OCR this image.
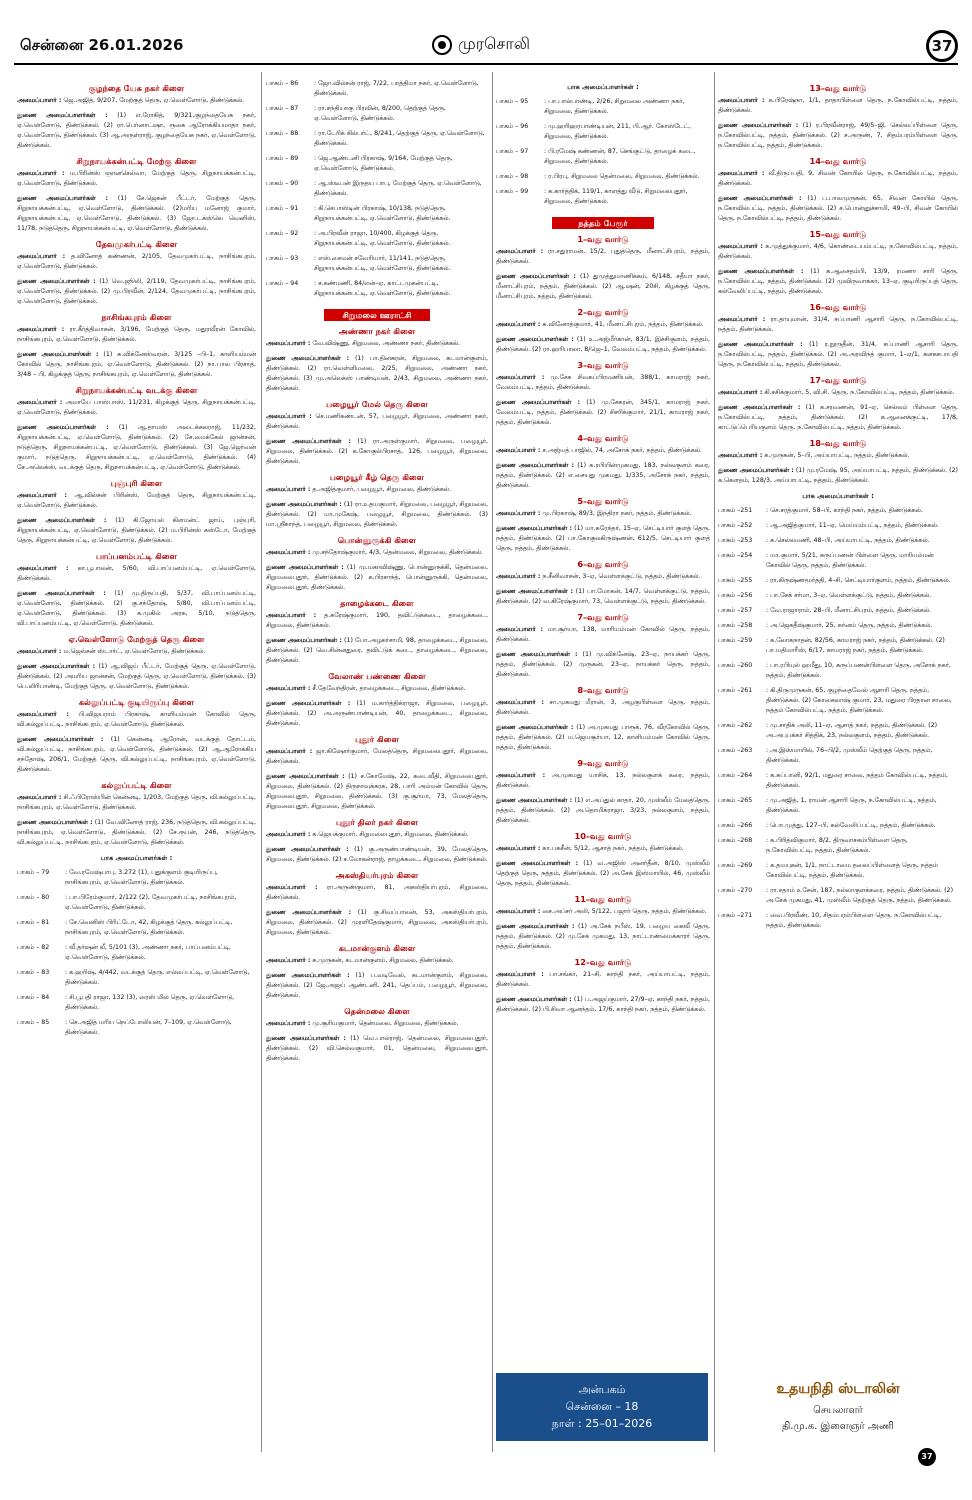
சென்னை 26.01.2026	முரசொலி	37
குழந்தை யேசு நகர் கிளை
அமைப்பாளர் : ஜெ.அஜித், 9/207, மேற்குத் தெரு, ஏ.வெள்ளோடு, திண்டுக்கல்.
துணை அமைப்பாளர்கள் : (1) எ.ரோகித், 9/321,குழந்தையேசு நகர், ஏ.வெள்ளோடு, திண்டுக்கல். (2) ரா.பெர்னாட்ஷா, ரூகை ஆரோக்கியமாதா நகர், ஏ.வெள்ளோடு, திண்டுக்கல். (3) ஆ.அருள்ராஜ், குழந்தையேசு நகர், ஏ.வெள்ளோடு, திண்டுக்கல்.
சிறுநாயக்கன்பட்டி மேற்கு கிளை
அமைப்பாளர் : ம.பிரின்ஸ் ஞானசெல்வா, மேற்குத் தெரு, சிறுநாயக்கன்பட்டி, ஏ.வெள்ளோடு, திண்டுக்கல்.
துணை அமைப்பாளர்கள் : (1) சே.ஜெகன் பீட்டர், மேற்குத் தெரு, சிறுநாயக்கன்பட்டி, ஏ.வெள்ளோடு, திண்டுக்கல். (2)மரிய மனோஜ் குமார், சிறுநாயக்கன்பட்டி, ஏ.வெள்ளோடு, திண்டுக்கல். (3) ஜோ.டக்ஸ்லெ வெனிஸ், 11/78, நடுத்தெரு, சிறுநாயக்கன்பட்டி, ஏ.வெள்ளோடு, திண்டுக்கல்.
தேவமுகர்பட்டி கிளை
அமைப்பாளர் : த.வினோத் கண்ணன், 2/105, தேவமுகர்பட்டி, நாசிங்கபுரம், ஏ.வெள்ளோடு, திண்டுக்கல்.
துணை அமைப்பாளர்கள் : (1) வெ.ஜூலி, 2/119, தேவமுகர்பட்டி, நாசிங்கபுரம், ஏ.வெள்ளோடு, திண்டுக்கல். (2) மு.பிரவீன், 2/124, தேவமுகர்பட்டி, நாசிங்கபுரம், ஏ.வெள்ளோடு, திண்டுக்கல்.
நாசிங்கபுரம் கிளை
அமைப்பாளர் : ரா.கீர்த்திவாசன், 3/196, மேற்குத் தெரு, மதுரவீரன் கோவில், நாசிங்கபுரம், ஏ.வெள்ளோடு, திண்டுக்கல்.
துணை அமைப்பாளர்கள் : (1) சு.விக்னேஸ்வரன், 3/125 –பி–1, காளியம்மன் கோவில் தெரு, நாசிங்கபுரம், ஏ.வெள்ளோடு, திண்டுக்கல். (2) நா.பால பிரசாத், 3/48 – பி, கிழக்குத் தெரு, நாசிங்கபுரம், ஏ.வெள்ளோடு, திண்டுக்கல்.
சிறுநாயக்கன்பட்டி வடக்கு கிளை
அமைப்பாளர் : அமாயே பாஸ்பாஸ், 11/231, கிழக்குத் தெரு, சிறுநாயக்கன்பட்டி, ஏ.வெள்ளோடு, திண்டுக்கல்.
துணை அமைப்பாளர்கள் : (1) ஆ.தாமஸ் அடைக்கலராஜ், 11/232, சிறுநாயக்கன்பட்டி, ஏ.வெள்ளோடு, திண்டுக்கல். (2) சே.மைக்கேல் ஜான்சன், நடுத்தெரு, சிறுநாயக்கன்பட்டி, ஏ.வெள்ளோடு, திண்டுக்கல். (3) ஜே.ஜெர்வன் குமார், நடுத்தெரு, சிறுநாயக்கன்பட்டி, ஏ.வெள்ளோடு, திண்டுக்கல். (4) சே.அலெக்ஸ், வடக்குத் தெரு, சிறுநாயக்கன்பட்டி, ஏ.வெள்ளோடு, திண்டுக்கல்.
புஞ்புரி கிளை
அமைப்பாளர் : ஆ.வில்சன் பிரின்ஸ், மேற்குத் தெரு, சிறுநாயக்கன்பட்டி, ஏ.வெள்ளோடு, திண்டுக்கல்.
துணை அமைப்பாளர்கள் : (1) கி.ஜோயல் கிளமன்ட் ஜாய், புஞ்புரி, சிறுநாயக்கன்பட்டி, ஏ.வெள்ளோடு, திண்டுக்கல். (2) ம.பிரின்ஸ் கஸ்டோ, மேற்குத் தெரு, சிறுநாயக்கன்பட்டி, ஏ.வெள்ளோடு, திண்டுக்கல்.
பாப்பனம்பட்டி கிளை
அமைப்பாளர் : கா.பூபாலன், 5/60, வி.பாப்பனம்பட்டி, ஏ.வெள்ளோடு, திண்டுக்கல்.
துணை அமைப்பாளர்கள் : (1) மு.திருப்பதி, 5/37, வி.பாப்பனம்பட்டி, ஏ.வெள்ளோடு, திண்டுக்கல். (2) கு.சந்தோஷ், 5/80, வி.பாப்பனம்பட்டி, ஏ.வெள்ளோடு, திண்டுக்கல். (3) க.முகில் அரசு, 5/10, நடுத்தெரு, வி.பாப்பனம்பட்டி, ஏ.வெள்ளோடு, திண்டுக்கல்.
ஏ.வெள்ளோடு மேற்குத் தெரு கிளை
அமைப்பாளர் : ம.ஜெல்சன் ஸ்டார்ட், ஏ.வெள்ளோடு, திண்டுக்கல்.
துணை அமைப்பாளர்கள் : (1) ஆ.விஜய் பீட்டர், மேற்குத் தெரு, ஏ.வெள்ளோடு, திண்டுக்கல். (2) அமரிய ஜான்சன், மேற்குத் தெரு, ஏ.வெள்ளோடு, திண்டுக்கல். (3) பெ.லிரிபாண்டி, மேற்குத் தெரு, ஏ.வெள்ளோடு, திண்டுக்கல்.
கல்லுப்பட்டி குடியிருப்பு கிளை
அமைப்பாளர் : பி.விஜயராம் பிரகாஷ், காளியம்மன் கோவில் தெரு, வி.கல்லுப்பட்டி, நாசிங்கபுரம், ஏ.வெள்ளோடு, திண்டுக்கல்.
துணை அமைப்பாளர்கள் : (1) கென்னடி ஆரோன், வடக்குத் தோட்டம், வி.கல்லுப்பட்டி, நாசிங்கபுரம், ஏ.வெள்ளோடு, திண்டுக்கல். (2) ஆ.ஆரோக்கிய சந்தோஷ், 206/1, மேற்குத் தெரு, வி.கல்லுப்பட்டி, நாசிங்கபுரம், ஏ.வெள்ளோடு, திண்டுக்கல்.
கல்லுப்பட்டி கிளை
அமைப்பாளர் : சி.ஃபிரோஸ்பின் கென்னடி, 1/203, மேற்குத் தெரு, வி.கல்லுப்பட்டி, நாசிங்கபுரம், ஏ.வெள்ளோடு, திண்டுக்கல்.
துணை அமைப்பாளர்கள் : (1) வே.வினோத் ராஜ், 236, நடுத்தெரு, வி.கல்லுப்பட்டி, நாசிங்கபுரம், ஏ.வெள்ளோடு, திண்டுக்கல். (2) சே.ரூபன், 246, நடுத்தெரு, வி.கல்லுப்பட்டி, நாசிங்கபுரம், ஏ.வெள்ளோடு, திண்டுக்கல்.
பாக அமைப்பாளர்கள் :
பாகம் – 79	: வே.ரமேஷ்பாபு, 3.272 (1), புதுக்குளம் குடியிருப்பு, நாசிங்கபுரம், ஏ.வெள்ளோடு, திண்டுக்கல்.
பாகம் – 80	: பா.பிரேம்குமார், 2/122 (2), தேவமுகர்பட்டி, நாசிங்கபுரம், ஏ.வெள்ளோடு, திண்டுக்கல்.
பாகம் – 81	: சே.வெனிஸ் பிரிட்டோ, 42, கிழக்குத் தெரு, கல்லுப்பட்டி, நாசிங்கபுரம், ஏ.வெள்ளோடு, திண்டுக்கல்.
பாகம் – 82	: வீ.தர்ஷன் லீ, 5/101 (3), அண்ணா நகர், பாப்பனம்பட்டி, ஏ.வெள்ளோடு, திண்டுக்கல்.
பாகம் – 83	: க.ஹரிஷ், 4/442, வடக்குத் தெரு, எல்லப்பட்டி, ஏ.வெள்ளோடு, திண்டுக்கல்.
பாகம் – 84	: சி.பூபதி ராஜா, 132 (3), ரைஸ் மில் தெரு, ஏ.வெள்ளோடு, திண்டுக்கல்.
பாகம் – 85	: செ.அஜித் மரிய நெப்போலியன், 7–109, ஏ.வெள்ளோடு, திண்டுக்கல்.
பாகம் – 86	: ஜோ.வில்சன் ராஜ், 7/22, பாத்திமா நகர், ஏ.வெள்ளோடு, திண்டுக்கல்.
பாகம் – 87	: ரா.சந்தியாகு பிரவின், 8/200, தெற்குத் தெரு, ஏ.வெள்ளோடு, திண்டுக்கல்.
பாகம் – 88	: ரா.டேரிக் கில்பர்ட், 8/241, தெற்குத் தெரு, ஏ.வெள்ளோடு, திண்டுக்கல்.
பாகம் – 89	: ஜெ.ஆண்டனி பிரகாஷ், 9/164, மேற்குத் தெரு, ஏ.வெள்ளோடு, திண்டுக்கல்.
பாகம் – 90	: ஆ.ஸ்டீபன் இருதய பாபு, மேற்குத் தெரு, ஏ.வெள்ளோடு, திண்டுக்கல்.
பாகம் – 91	: கி.செபாஸ்டின் பிரகாஷ், 10/138, நடுத்தெரு, சிறுநாயக்கன்பட்டி, ஏ.வெள்ளோடு, திண்டுக்கல்.
பாகம் – 92	: அ.பிரவீன் ராஜா, 10/400, கிழக்குத் தெரு, சிறுநாயக்கன்பட்டி, ஏ.வெள்ளோடு, திண்டுக்கல்.
பாகம் – 93	: எஸ்.சைமன் சவேரியார், 11/141, நடுத்தெரு, சிறுநாயக்கன்பட்டி, ஏ.வெள்ளோடு, திண்டுக்கல்.
பாகம் – 94	: ச.கண்மணி, 84/என்–ஏ, காட்டமுகன்பட்டி, சிறுநாயக்கன்பட்டி, ஏ.வெள்ளோடு, திண்டுக்கல்.
சிறுமலை ஊராட்சி
அண்ணா நகர் கிளை
அமைப்பாளர் : வே.விஷ்ணு, சிறுமலை, அண்ணா நகர், திண்டுக்கல்.
துணை அமைப்பாளர்கள் : (1) பா.தினகரன், சிறுமலை, கடமான்குளம், திண்டுக்கல். (2) ரா.வெள்ளிமலை, 2/25, சிறுமலை, அண்ணா நகர், திண்டுக்கல். (3) மு.அலெக்ஸ் பாண்டியன், 2/43, சிறுமலை, அண்ணா நகர், திண்டுக்கல்.
பழையூர் மேல் தெரு கிளை
அமைப்பாளர் : செ.மணிகண்டன், 57, பழையூர், சிறுமலை, அண்ணா நகர், திண்டுக்கல்.
துணை அமைப்பாளர்கள் : (1) ரா.அருள்குமார், சிறுமலை, பழையூர், சிறுமலை, திண்டுக்கல். (2) க.கோகுல்பிரசாத், 126, பழையூர், சிறுமலை, திண்டுக்கல்.
பழையூர் கீழ் தெரு கிளை
அமைப்பாளர் : த.அஜித்குமார், பழையூர், சிறுமலை, திண்டுக்கல்.
துணை அமைப்பாளர்கள் : (1) ரா.உதயகுமார், சிறுமலை, பழையூர், சிறுமலை, திண்டுக்கல். (2) மா.முகேஷ், பழையூர், சிறுமலை, திண்டுக்கல். (3) மா.ஸ்ரீகாந்த், பழையூர், சிறுமலை, திண்டுக்கல்.
பொன்னுருக்கி கிளை
அமைப்பாளர் : மு.சந்தோஷ்குமார், 4/3, தென்மலை, சிறுமலை, திண்டுக்கல்.
துணை அமைப்பாளர்கள் : (1) மு.மகாவிஷ்ணு, பொன்னுருக்கி, தென்மலை, சிறுமலைபுதூர், திண்டுக்கல். (2) க.பிரசாந்த், பொன்னுருக்கி, தென்மலை, சிறுமலைபுதூர், திண்டுக்கல்.
தாழைக்கடை கிளை
அமைப்பாளர் : த.சுரேஷ்குமார், 190, தவிட்டுக்கடை, தாழைக்கடை, சிறுமலை, திண்டுக்கல்.
துணை அமைப்பாளர்கள் : (1) போ.அழகர்சாமி, 98, தாழைக்கடை, சிறுமலை, திண்டுக்கல். (2) வெ.சின்னதுரை, தவிட்டுக் கடை, தாழைக்கடை, சிறுமலை, திண்டுக்கல்.
வேலாண் பண்ணை கிளை
அமைப்பாளர் : சீ.தேவேந்திரன், தாழைக்கடை, சிறுமலை, திண்டுக்கல்.
துணை அமைப்பாளர்கள் : (1) ம.கார்த்திக்ராஜா, சிறுமலை, பழையூர், திண்டுக்கல். (2) அ.அருண்பாண்டியன், 40, தாழைக்கடை, சிறுமலை, திண்டுக்கல்.
புதூர் கிளை
அமைப்பாளர் : ஜா.கிஷோர்குமார், மேலத்தெரு, சிறுமலைபுதூர், சிறுமலை, திண்டுக்கல்.
துணை அமைப்பாளர்கள் : (1) ச.கோமேஷ், 22, கடைவீதி, சிறுமலைபுதூர், சிறுமலை, திண்டுக்கல். (2) திருநாவுக்கரசு, 28, பாரி அம்மன் கோவில் தெரு, சிறுமலைபுதூர், சிறுமலை, திண்டுக்கல். (3) கு.சூர்யா, 73, மேலத்தெரு, சிறுமலைபுதூர், சிறுமலை, திண்டுக்கல்.
புதூர் திலர் நகர் கிளை
அமைப்பாளர் : க.ஜெயக்குமார், சிறுமலைபுதூர், சிறுமலை, திண்டுக்கல்.
துணை அமைப்பாளர்கள் : (1) கு.அருண்பாண்டியன், 39, மேலத்தெரு, சிறுமலை, திண்டுக்கல். (2) ச.மோகன்ராஜ், தாழக்கடை, சிறுமலை, திண்டுக்கல்.
அகஸ்தியர்புரம் கிளை
அமைப்பாளர் : ரா.அருண்குமார், 81, அகஸ்தியர்புரம், சிறுமலை, திண்டுக்கல்.
துணை அமைப்பாளர்கள் : (1) கு.சிவப்பாலன், 53, அகஸ்தியர்புரம், சிறுமலை, திண்டுக்கல். (2) முரளிதேஷ்குமார், சிறுமலை, அகஸ்தியர்புரம், சிறுமலை, திண்டுக்கல்.
கடமான்குளம் கிளை
அமைப்பாளர் : க.முருகன், கடமான்குளம், சிறுமலை, திண்டுக்கல்.
துணை அமைப்பாளர்கள் : (1) ப.வடிவேல், கடமான்குளம், சிறுமலை, திண்டுக்கல். (2) ஜே.அஜய் ஆண்டனி, 241, தெப்பம், பழையூர், சிறுமலை, திண்டுக்கல்.
தென்மலை கிளை
அமைப்பாளர் : மு.சூரியகுமார், தென்மலை, சிறுமலை, திண்டுக்கல்.
துணை அமைப்பாளர்கள் : (1) வெ.பால்ராஜ், தென்மலை, சிறுமலைபுதூர், திண்டுக்கல். (2) வி.செல்வகுமார், 01, தென்மலை, சிறுமலைபுதூர், திண்டுக்கல்.
பாக அமைப்பாளர்கள் :
பாகம் – 95	: பா.பால்பாண்டி, 2/26, சிறுமலை அண்ணா நகர், சிறுமலை, திண்டுக்கல்.
பாகம் – 96	: மு.ஹரிஹரபாண்டியன், 211, பி.ஆர். கோஸ்டேட், சிறுமலை, திண்டுக்கல்.
பாகம் – 97	: பி.ரமேஷ் கண்ணன், 87, செங்குட்டு, தாழைக் கடை, சிறுமலை, திண்டுக்கல்.
பாகம் – 98	: ர.பிரபு, சிறுமலை தென்மலை, சிறுமலை, திண்டுக்கல்.
பாகம் – 99	: க.கார்த்திக், 119/1, காளத்து வீடு, சிறுமலைபுதூர், சிறுமலை, திண்டுக்கல்.
நத்தம் பேரூர்
1–வது வார்டு
அமைப்பாளர் : ரா.சதுராமன், 15/2, புதுத்தெரு, மீனாட்சிபுரம், நத்தம், திண்டுக்கல்.
துணை அமைப்பாளர்கள் : (1) துமுத்துமாணிக்கம், 6/148, சதீயா நகர், மீனாட்சிபுரம், நத்தம், திண்டுக்கல். (2) ஆ.ஷன், 20சி, கிழக்குத் தெரு, மீனாட்சிபுரம், நத்தம், திண்டுக்கல்.
2–வது வார்டு
அமைப்பாளர் : சு.வினோத்குமார், 41, மீனாட்சிபுரம், நத்தம், திண்டுக்கல்.
துணை அமைப்பாளர்கள் : (1) உ.அஜ்மீர்கான், 83/1, இச்சிகுளம், நத்தம், திண்டுக்கல். (2) ரா.ஹரிபாலா, 8/ஜெ–1, வேலம்பட்டி, நத்தம், திண்டுக்கல்.
3–வது வார்டு
அமைப்பாளர் : மு.சேசு சிவகப்பிரமணியன், 388/1, காமராஜ் நகர், வேலம்பட்டி, நத்தம், திண்டுக்கல்.
துணை அமைப்பாளர்கள் : (1) மு.சேகரன், 345/1, காமராஜ் நகர், வேலம்பட்டி, நத்தம், திண்டுக்கல். (2) சிசரிக்குமார், 21/1, காமராஜ் நகர், நத்தம், திண்டுக்கல்.
4–வது வார்டு
அமைப்பாளர் : ச.அஜ்மத் பாஜில், 74, அசோக் நகர், நத்தம், திண்டுக்கல்.
துணை அமைப்பாளர்கள் : (1) க.ரபியின்முகமது, 183, நல்லகுளம் கரை, நத்தம், திண்டுக்கல். (2) எ.சையது முகமது, 1/335, அசோக் நகர், நத்தம், திண்டுக்கல்.
5–வது வார்டு
அமைப்பாளர் : மு.பிரகாஷ், 89/3, இந்திரா நகர், நத்தம், திண்டுக்கல்.
துணை அமைப்பாளர்கள் : (1) மா.சுரேந்தர், 15–ஏ, செட்டியார் குளத் தெரு, நத்தம், திண்டுக்கல். (2) பா.கோகுலகிருஷ்ணன், 612/5, செட்டியார் குளத் தெரு, நத்தம், திண்டுக்கல்.
6–வது வார்டு
அமைப்பாளர் : ந.சீனிவாசன், 3–ஏ, வெள்ளக்குட்டு, நத்தம், திண்டுக்கல்.
துணை அமைப்பாளர்கள் : (1) பா.மோகன், 14/7, வெள்ளக்குட்டு, நத்தம், திண்டுக்கல். (2) வ.கிரேஷ்குமார், 73, வெள்ளக்குட்டு, நத்தம், திண்டுக்கல்.
7–வது வார்டு
அமைப்பாளர் : மா.சூர்யா, 138, மாரியம்மன் கோவில் தெரு, நத்தம், திண்டுக்கல்.
துணை அமைப்பாளர்கள் : (1) மு.விக்னேஷ், 23–ஏ, நாயக்கர் தெரு, நத்தம், திண்டுக்கல். (2) முருகன், 23–ஏ, நாயக்கர் தெரு, நத்தம், திண்டுக்கல்.
8–வது வார்டு
அமைப்பாளர் : சா.முகமது மீரான், 3, அழகுபிள்ளை தெரு, நத்தம், திண்டுக்கல்.
துணை அமைப்பாளர்கள் : (1) அ.முகமது பாரூக், 76, வீரகோவில் தெரு, நத்தம், திண்டுக்கல். (2) ம.ஜெயசூர்யா, 12, காளியம்மன் கோவில் தெரு, நத்தம், திண்டுக்கல்.
9–வது வார்டு
அமைப்பாளர் : அ.முகமது யாசிக், 13, நல்லகுளக் கரை, நத்தம், திண்டுக்கல்.
துணை அமைப்பாளர்கள் : (1) எ.அப்துல் காதர், 20, முஸ்லீம் மேலத்தெரு, நத்தம், திண்டுக்கல். (2) அ.தொமிக்ராஜா, 3/23, நல்லகுளம், நத்தம், திண்டுக்கல்.
10–வது வார்டு
அமைப்பாளர் : கா.பகசீன், 5/12, ஆசாத் நகர், நத்தம், திண்டுக்கல்.
துணை அமைப்பாளர்கள் : (1) வ.அஜிஸ் அனர்தீன், 8/10, முஸ்லீம் தெற்குத் தெரு, நத்தம், திண்டுக்கல். (2) அ.சேக் இஸ்மாயில், 46, முஸ்லீம் தெரு, நத்தம், திண்டுக்கல்.
11–வது வார்டு
அமைப்பாளர் : சை.அப்சர் அலி, 5/122, பஜார் தெரு, நத்தம், திண்டுக்கல்.
துணை அமைப்பாளர்கள் : (1) அ.சேக் நபீஸ், 19, பழைய கைவீ தெரு, நத்தம், திண்டுக்கல். (2) மு.சேக் முகமது, 13, நாட்டாண்மைக்காரர் தெரு, நத்தம், திண்டுக்கல்.
12–வது வார்டு
அமைப்பாளர் : பா.சங்கர், 21–சி, காந்தி நகர், அய்யாபட்டி, நத்தம், திண்டுக்கல்.
துணை அமைப்பாளர்கள் : (1) ப.அஜய்குமார், 27/9–ஏ, காந்தி நகர், நத்தம், திண்டுக்கல். (2) பி.சிவா ஆனந்தம், 17/6, காந்தி நகர், நத்தம், திண்டுக்கல்.
13–வது வார்டு
அமைப்பாளர் : க.பிரேஷ்நா, 1/1, தாதாபிள்ளை தெரு, ந.கோவில்பட்டி, நத்தம், திண்டுக்கல்.
துணை அமைப்பாளர்கள் : (1) ர.பிரவீன்ராஜ், 49/5–ஜி, செல்லப்பிள்ளை தெரு, ந.கோவில்பட்டி, நத்தம், திண்டுக்கல். (2) ச.அருண், 7, சிதம்பரம்பிள்ளை தெரு, ந.கோவில்பட்டி, நத்தம், திண்டுக்கல்.
14–வது வார்டு
அமைப்பாளர் : வீ.திருப்பதி, 9, சிவன் கோயில் தெரு, ந.கோவில்பட்டி, நத்தம், திண்டுக்கல்.
துணை அமைப்பாளர்கள் : (1) ப.பாலமுருகன், 65, சிவன் கோயில் தெரு, ந.கோவில்பட்டி, நத்தம், திண்டுக்கல். (2) ச.பொன்னுச்சாமி, 49–பி, சிவன் கோயில் தெரு, ந.கோவில்பட்டி, நத்தம், திண்டுக்கல்.
15–வது வார்டு
அமைப்பாளர் : க.முத்துக்குமார், 4/6, கொண்டையம்பட்டி, ந.கோவில்பட்டி, நத்தம், திண்டுக்கல்.
துணை அமைப்பாளர்கள் : (1) க.ஆசைதம்பி, 13/9, ரமணா சாரி தெரு, ந.கோவில்பட்டி, நத்தம், திண்டுக்கல். (2) முவிருவாக்கர், 13–ஏ, குடியிருப்புத் தெரு, கல்வேலிப்பட்டி, நத்தம், திண்டுக்கல்.
16–வது வார்டு
அமைப்பாளர் : ரா.தாயுமான், 31/4, சப்பாணி ஆசாரி தெரு, ந.கோவில்பட்டி, நத்தம், திண்டுக்கல்.
துணை அமைப்பாளர்கள் : (1) ர.நூருதீன், 31/4, சப்பாணி ஆசாரி தெரு, ந.கோவில்பட்டி, நத்தம், திண்டுக்கல். (2) அ.அரவிந்த் குமார், 1–ஏ/1, களகசபாபதி தெரு, ந.கோவில்பட்டி, நத்தம், திண்டுக்கல்.
17–வது வார்டு
அமைப்பாளர் : கி.சசிக்குமார், 5, வி.சி. தெரு, ந.கோவில்பட்டி, நத்தம், திண்டுக்கல்.
துணை அமைப்பாளர்கள் : (1) க.சரவணன், 91–ஏ, செல்லம் பிள்ளை தெரு, ந.கோவில்பட்டி, நத்தம், திண்டுக்கல். (2) க.ஆனைக்குட்டி, 17/8, காட்டுப்பெரியகுளம் தெரு, ந.கோவில்பட்டி, நத்தம், திண்டுக்கல்.
18–வது வார்டு
அமைப்பாளர் : க.முருகன், 5–பி, அய்யாபட்டி, நத்தம், திண்டுக்கல்.
துணை அமைப்பாளர்கள் : (1) மு.ரமேஷ், 95, அய்யாபட்டி, நத்தம், திண்டுக்கல். (2) க.கௌதம், 128/3, அய்யாபட்டி, நத்தம், திண்டுக்கல்.
பாக அமைப்பாளர்கள் :
பாகம் –251	: செ.சரத்குமார், 58–பி, காந்தி நகர், நத்தம், திண்டுக்கல்.
பாகம் –252	: ஆ.அஜித்குமார், 11–ஏ, மெய்யம்பட்டி, நத்தம், திண்டுக்கல்.
பாகம் –253	: சு.செல்லமணி, 48–பி, அய்யாபட்டி, நத்தம், திண்டுக்கல்.
பாகம் –254	: மா.குமார், 5/21, கருப்பணன் பிள்ளை தெரு, மாரியம்மன் கோவில் தெரு, நத்தம், திண்டுக்கல்.
பாகம் –255	: ரா.கிருஷ்ணமூர்த்தி, 4–சி, செட்டியார்குளம், நத்தம், திண்டுக்கல்.
பாகம் –256	: பா.சேக் சர்மா, 3–ஏ, வெள்ளக்குட்டு, நத்தம், திண்டுக்கல்.
பாகம் –257	: வே.ராஜாராம், 28–பி, மீனாட்சிபுரம், நத்தம், திண்டுக்கல்.
பாகம் –258	: அ.ஜெகதீஷ்குமார், 25, சுர்னம் தெரு, நத்தம், திண்டுக்கல்.
பாகம் –259	: சு.லோகநாதன், 82/56, காமராஜ் நகர், நத்தம், திண்டுக்கல். (2) பா.மதிமாரீஸ், 6/17, காமராஜ் நகர், நத்தம், திண்டுக்கல்.
பாகம் –260	: பா.ரபியுல் ஹமீது, 10, கருப்பணன்பிள்ளை தெரு, அசோக் நகர், நத்தம், திண்டுக்கல்.
பாகம் –261	: கி.திருமுருகன், 65, குழந்தைவேல் ஆசாரி தெரு, நத்தம், திண்டுக்கல். (2) கோகைலாஷ் குமார், 23, மதுரை பிரதான சாலை, நத்தம் கோவில்பட்டி, நத்தம், திண்டுக்கல்.
பாகம் –262	: மு.சாதிக் அலி, 11–ஏ, ஆசாத் நகர், நத்தம், திண்டுக்கல். (2) அ.அபுபக்கர் சித்திக், 23, நல்லகுளம், நத்தம், திண்டுக்கல்.
பாகம் –263	: அ.இஸ்மாயில், 76–பி/2, முஸ்லீம் தெற்குத் தெரு, நத்தம், திண்டுக்கல்.
பாகம் –264	: க.சுப்பானி, 92/1, மதுரை சாலை, நத்தம் கோவில்பட்டி, நத்தம், திண்டுக்கல்.
பாகம் –265	: மு.அஜித், 1, ராமன் ஆசாரி தெரு, ந.கோவில்பட்டி, நத்தம், திண்டுக்கல்.
பாகம் –266	: பொ.முத்து, 127–பி, கல்வேலிப்பட்டி, நத்தம், திண்டுக்கல்.
பாகம் –268	: க.பிரித்விகுமார், 8/2, திருவாசகம்பிள்ளை தெரு, ந.கோவில்பட்டி, நத்தம், திண்டுக்கல்.
பாகம் –269	: க.தமயுகன், 1/1, நாட்டாமை தலைப்பிள்ளைத் தெரு, நத்தம் கோவில்பட்டி, நத்தம், திண்டுக்கல்.
பாகம் –270	: ரா.சதாம் உசேன், 187, நல்லாகுளக்கரை, நத்தம், திண்டுக்கல். (2) அ.சேக் முகமது, 41, முஸ்லீம் தெற்குத் தெரு, நத்தம், திண்டுக்கல்.
பாகம் –271	: வை.பிரவீண், 10, சிதம்பரம்பிள்ளை தெரு, ந.கோவில்பட்டி, நத்தம், திண்டுக்கல்.
அன்பகம்
சென்னை – 18
நாள் : 25–01–2026
உதயநிதி ஸ்டாலின்
செயலாளர்
தி.மு.க. இளைஞர் அணி
37
